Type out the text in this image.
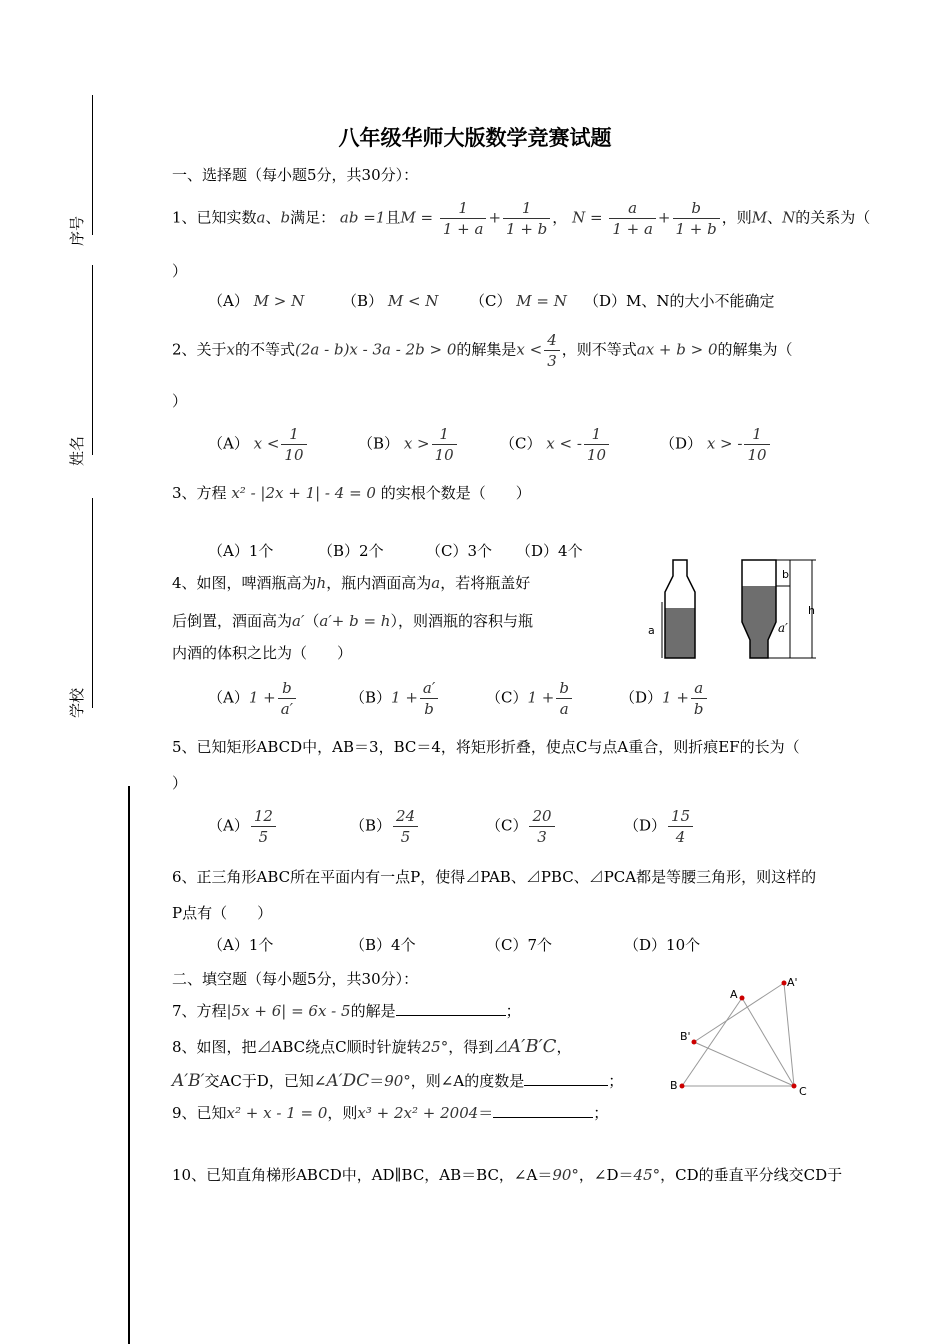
序号
姓名
学校
八年级华师大版数学竞赛试题
一、选择题（每小题5分，共30分）：
1、已知实数a、b满足： ab =1且$M = \frac{1}{1 + a} + \frac{1}{1 + b}$ ， $N = \frac{a}{1 + a} + \frac{b}{1 + b}$ ，则M、N的关系为（
）
（A） M > N	（B） M < N （C） M = N （D）M、N的大小不能确定
2、关于x的不等式(2a - b)x - 3a - 2b > 0的解集是$x < \frac{4}{3}$ ，则不等式ax + b > 0的解集为（
）
（A） $x < \frac{1}{10}$	（B） $x > \frac{1}{10}$	（C） x < - $\frac{1}{10}$	（D） x > - $\frac{1}{10}$
3、方程 x² - |2x + 1| - 4 = 0 的实根个数是（　　）
（A）1个	（B）2个	（C）3个 （D）4个
4、如图，啤酒瓶高为h，瓶内酒面高为a，若将瓶盖好
后倒置，酒面高为a′（a′+ b = h），则酒瓶的容积与瓶
内酒的体积之比为（　　）
a
b
h
a′
$(A)1 + \frac{b}{a'}$	$(B)1 + \frac{a'}{b}$	$(C)1 + \frac{b}{a}$	$(D)1 + \frac{a}{b}$
5、已知矩形ABCD中，AB＝3，BC＝4，将矩形折叠，使点C与点A重合，则折痕EF的长为（
）
$(A) \frac{12}{5}$	$(B) \frac{24}{5}$	$(C) \frac{20}{3}$	$(D) \frac{15}{4}$
6、正三角形ABC所在平面内有一点P，使得⊿PAB、⊿PBC、⊿PCA都是等腰三角形，则这样的
P点有（　　）
（A）1个	（B）4个	（C）7个	（D）10个
二、填空题（每小题5分，共30分）：
7、方程|5x + 6| = 6x - 5的解是	；
8、如图，把⊿ABC绕点C顺时针旋转25°，得到⊿A′B′C，
A′B′交AC于D，已知∠A′DC＝90°，则∠A的度数是	；
A
A'
B'
B	C
9、已知x² + x - 1 = 0，则x³ + 2x² + 2004＝	；
10、已知直角梯形ABCD中，AD∥BC，AB＝BC，∠A＝90°，∠D＝45°，CD的垂直平分线交CD于
